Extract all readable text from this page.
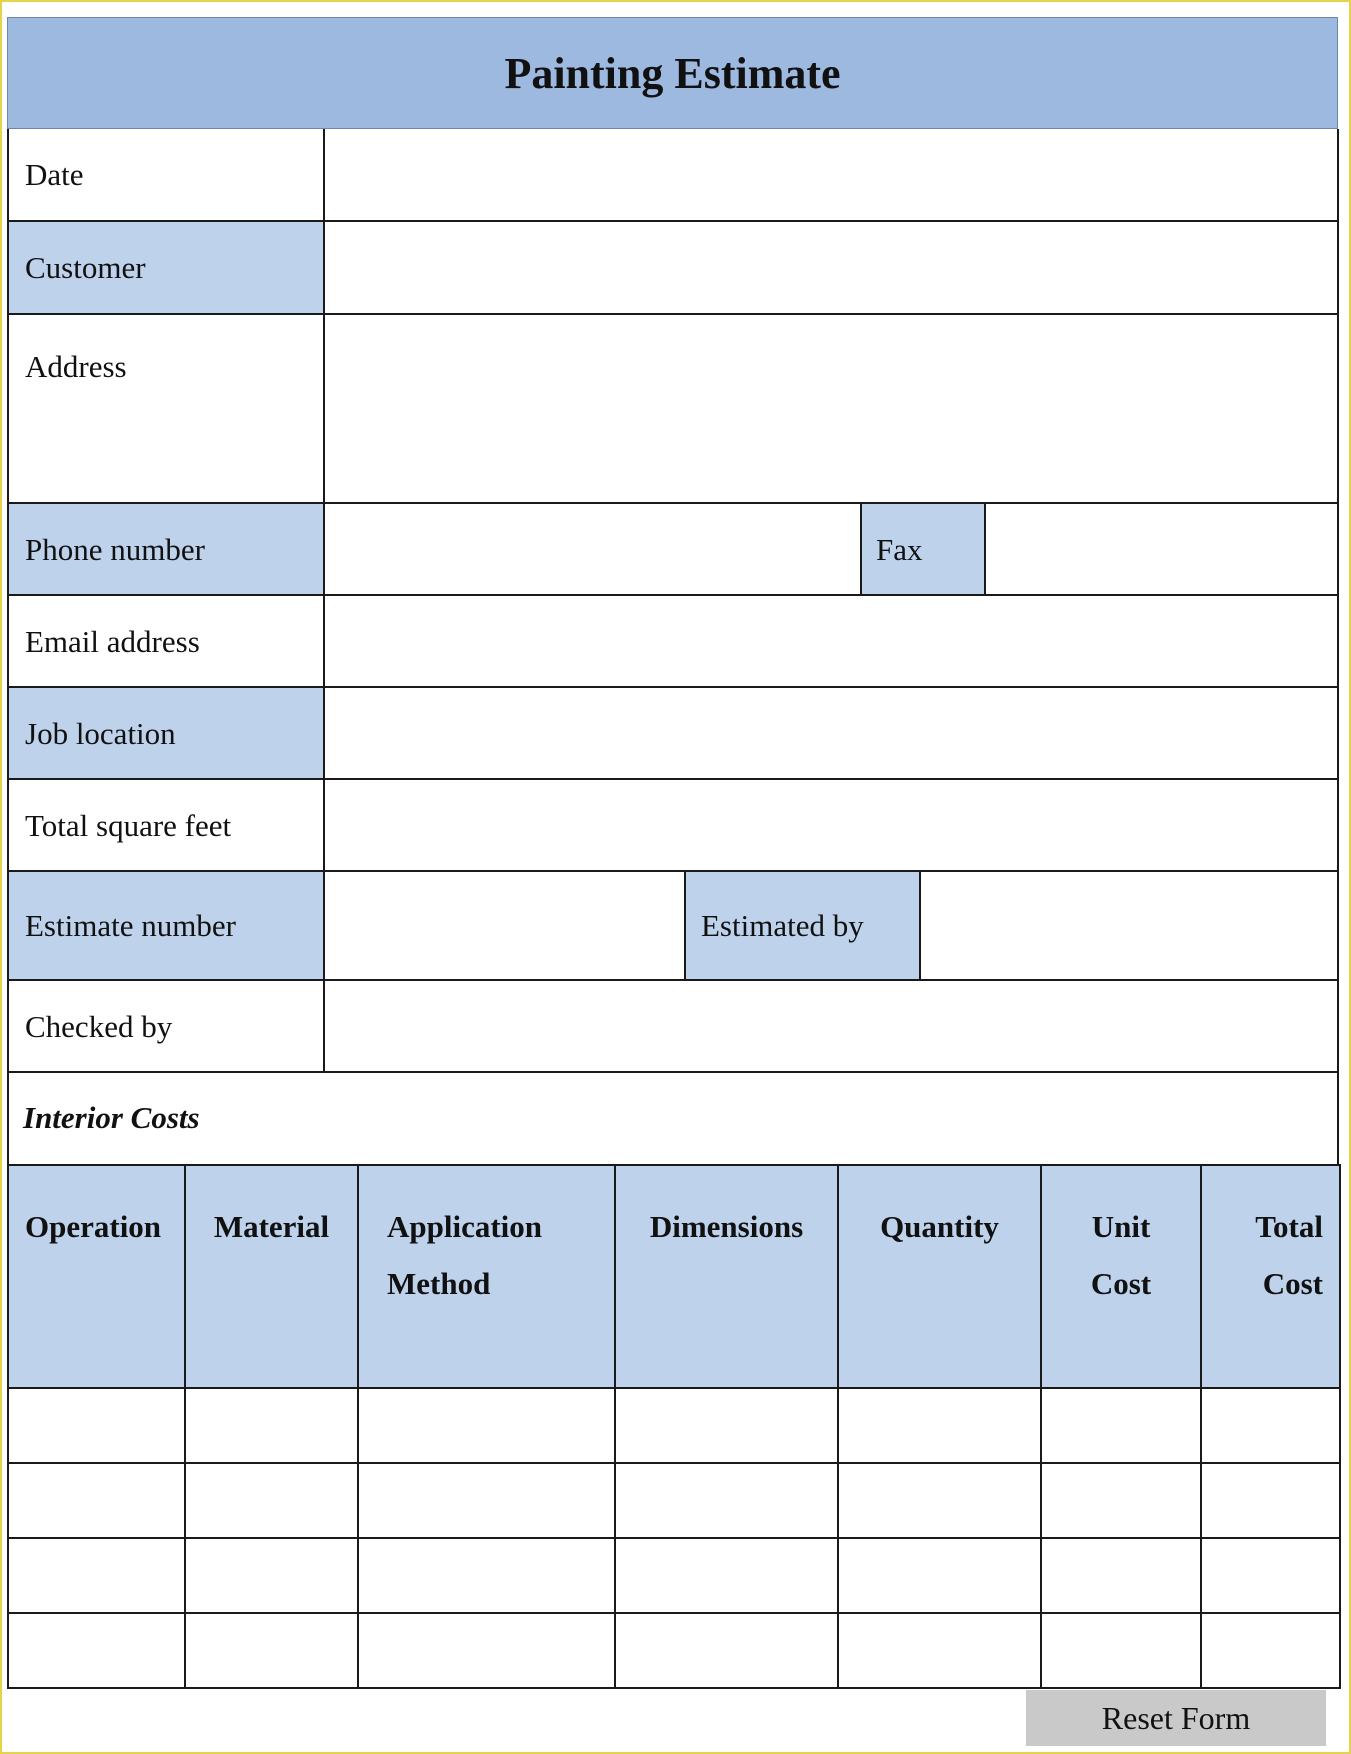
Painting Estimate
Date
Customer
Address
Phone number	Fax
Email address
Job location
Total square feet
Estimate number	Estimated by
Checked by
Interior Costs
Operation	Material	Application Method	Dimensions	Quantity	Unit Cost	Total Cost

Reset Form
